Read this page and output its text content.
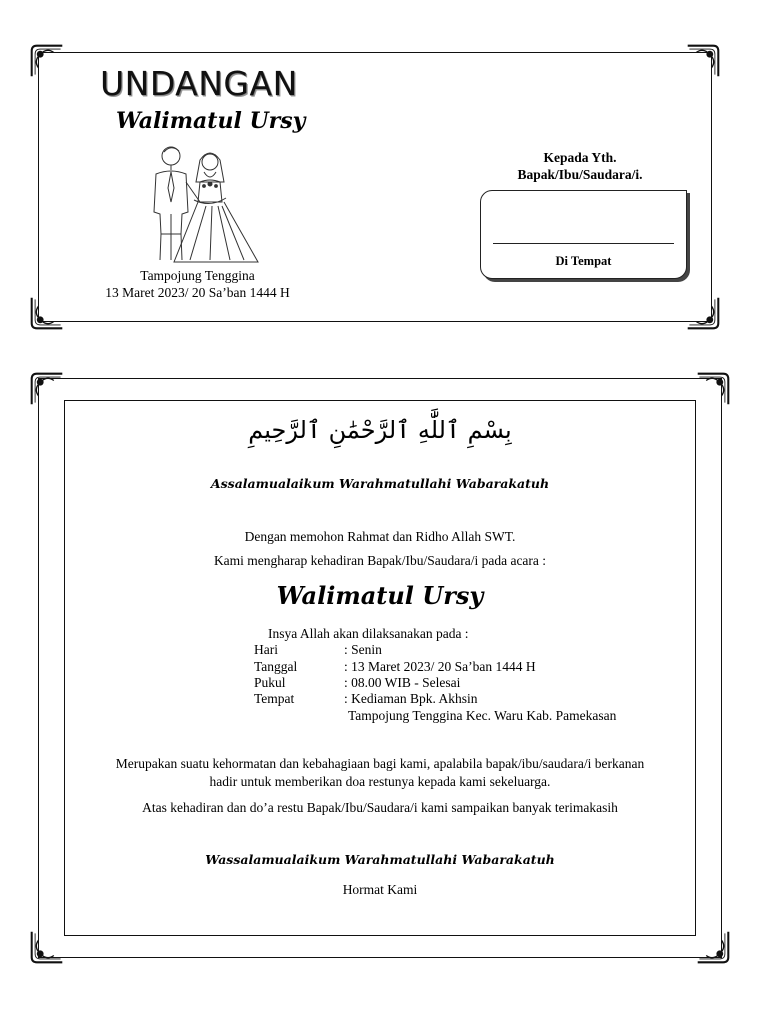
UNDANGAN
Walimatul Ursy
Tampojung Tenggina
13 Maret 2023/ 20 Sa’ban 1444 H
Kepada Yth.
Bapak/Ibu/Saudara/i.
Di Tempat
بِسْمِ ٱللَّٰهِ ٱلرَّحْمَٰنِ ٱلرَّحِيمِ
Assalamualaikum Warahmatullahi Wabarakatuh
Dengan memohon Rahmat dan Ridho Allah SWT.
Kami mengharap kehadiran Bapak/Ibu/Saudara/i pada acara :
Walimatul Ursy
Insya Allah akan dilaksanakan pada :
Hari	: Senin
Tanggal	: 13 Maret 2023/ 20 Sa’ban 1444 H
Pukul	: 08.00 WIB - Selesai
Tempat	: Kediaman Bpk. Akhsin
Tampojung Tenggina Kec. Waru Kab. Pamekasan
Merupakan suatu kehormatan dan kebahagiaan bagi kami, apalabila bapak/ibu/saudara/i berkanan
hadir untuk memberikan doa restunya kepada kami sekeluarga.
Atas kehadiran dan do’a restu Bapak/Ibu/Saudara/i kami sampaikan banyak terimakasih
Wassalamualaikum Warahmatullahi Wabarakatuh
Hormat Kami
